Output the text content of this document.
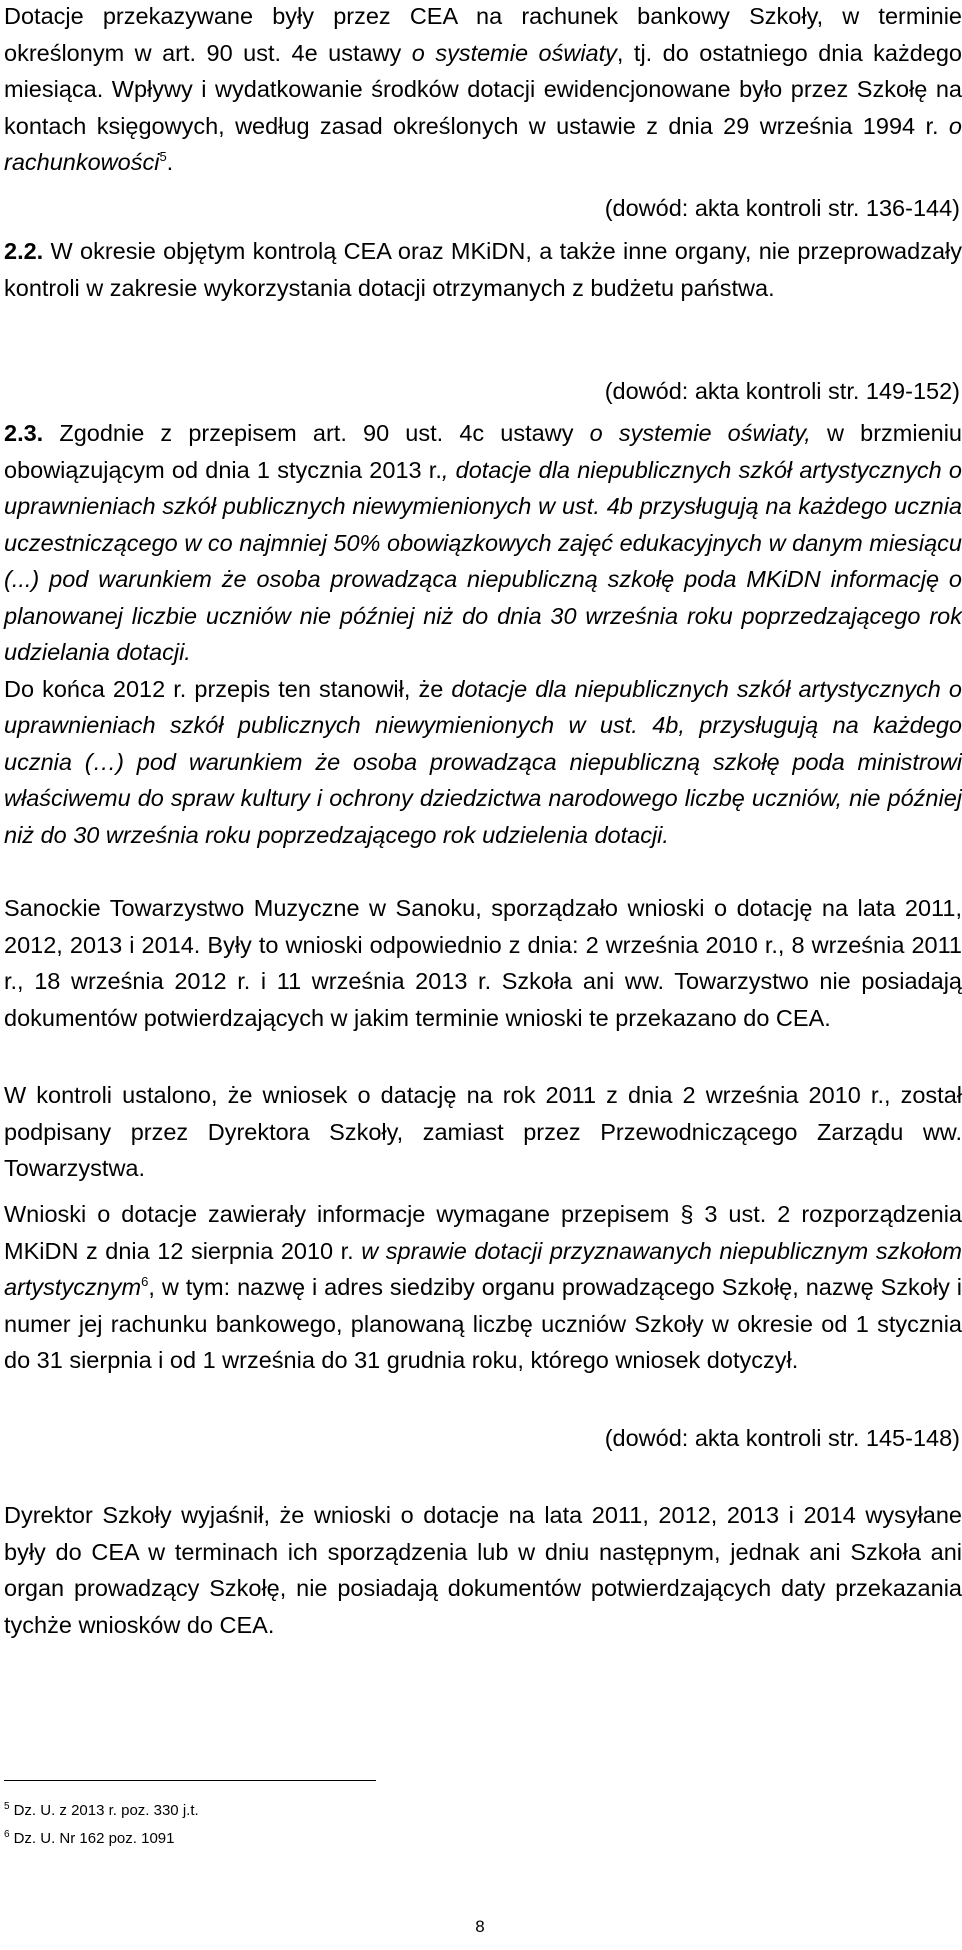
Dotacje przekazywane były przez CEA na rachunek bankowy Szkoły, w terminie określonym w art. 90 ust. 4e ustawy o systemie oświaty, tj. do ostatniego dnia każdego miesiąca. Wpływy i wydatkowanie środków dotacji ewidencjonowane było przez Szkołę na kontach księgowych, według zasad określonych w ustawie z dnia 29 września 1994 r. o rachunkowości$^5$.

(dowód: akta kontroli str. 136-144)

2.2. W okresie objętym kontrolą CEA oraz MKiDN, a także inne organy, nie przeprowadzały kontroli w zakresie wykorzystania dotacji otrzymanych z budżetu państwa.

(dowód: akta kontroli str. 149-152)

2.3. Zgodnie z przepisem art. 90 ust. 4c ustawy o systemie oświaty, w brzmieniu obowiązującym od dnia 1 stycznia 2013 r., dotacje dla niepublicznych szkół artystycznych o uprawnieniach szkół publicznych niewymienionych w ust. 4b przysługują na każdego ucznia uczestniczącego w co najmniej 50% obowiązkowych zajęć edukacyjnych w danym miesiącu (...) pod warunkiem że osoba prowadząca niepubliczną szkołę poda MKiDN informację o planowanej liczbie uczniów nie później niż do dnia 30 września roku poprzedzającego rok udzielania dotacji.
Do końca 2012 r. przepis ten stanowił, że dotacje dla niepublicznych szkół artystycznych o uprawnieniach szkół publicznych niewymienionych w ust. 4b, przysługują na każdego ucznia (…) pod warunkiem że osoba prowadząca niepubliczną szkołę poda ministrowi właściwemu do spraw kultury i ochrony dziedzictwa narodowego liczbę uczniów, nie później niż do 30 września roku poprzedzającego rok udzielenia dotacji.

Sanockie Towarzystwo Muzyczne w Sanoku, sporządzało wnioski o dotację na lata 2011, 2012, 2013 i 2014. Były to wnioski odpowiednio z dnia: 2 września 2010 r., 8 września 2011 r., 18 września 2012 r. i 11 września 2013 r. Szkoła ani ww. Towarzystwo nie posiadają dokumentów potwierdzających w jakim terminie wnioski te przekazano do CEA.

W kontroli ustalono, że wniosek o datację na rok 2011 z dnia 2 września 2010 r., został podpisany przez Dyrektora Szkoły, zamiast przez Przewodniczącego Zarządu ww. Towarzystwa.

Wnioski o dotacje zawierały informacje wymagane przepisem § 3 ust. 2 rozporządzenia MKiDN z dnia 12 sierpnia 2010 r. w sprawie dotacji przyznawanych niepublicznym szkołom artystycznym$^6$, w tym: nazwę i adres siedziby organu prowadzącego Szkołę, nazwę Szkoły i numer jej rachunku bankowego, planowaną liczbę uczniów Szkoły w okresie od 1 stycznia do 31 sierpnia i od 1 września do 31 grudnia roku, którego wniosek dotyczył.

(dowód: akta kontroli str. 145-148)

Dyrektor Szkoły wyjaśnił, że wnioski o dotacje na lata 2011, 2012, 2013 i 2014 wysyłane były do CEA w terminach ich sporządzenia lub w dniu następnym, jednak ani Szkoła ani organ prowadzący Szkołę, nie posiadają dokumentów potwierdzających daty przekazania tychże wniosków do CEA.

$^5$ Dz. U. z 2013 r. poz. 330 j.t.
$^6$ Dz. U. Nr 162 poz. 1091
8
